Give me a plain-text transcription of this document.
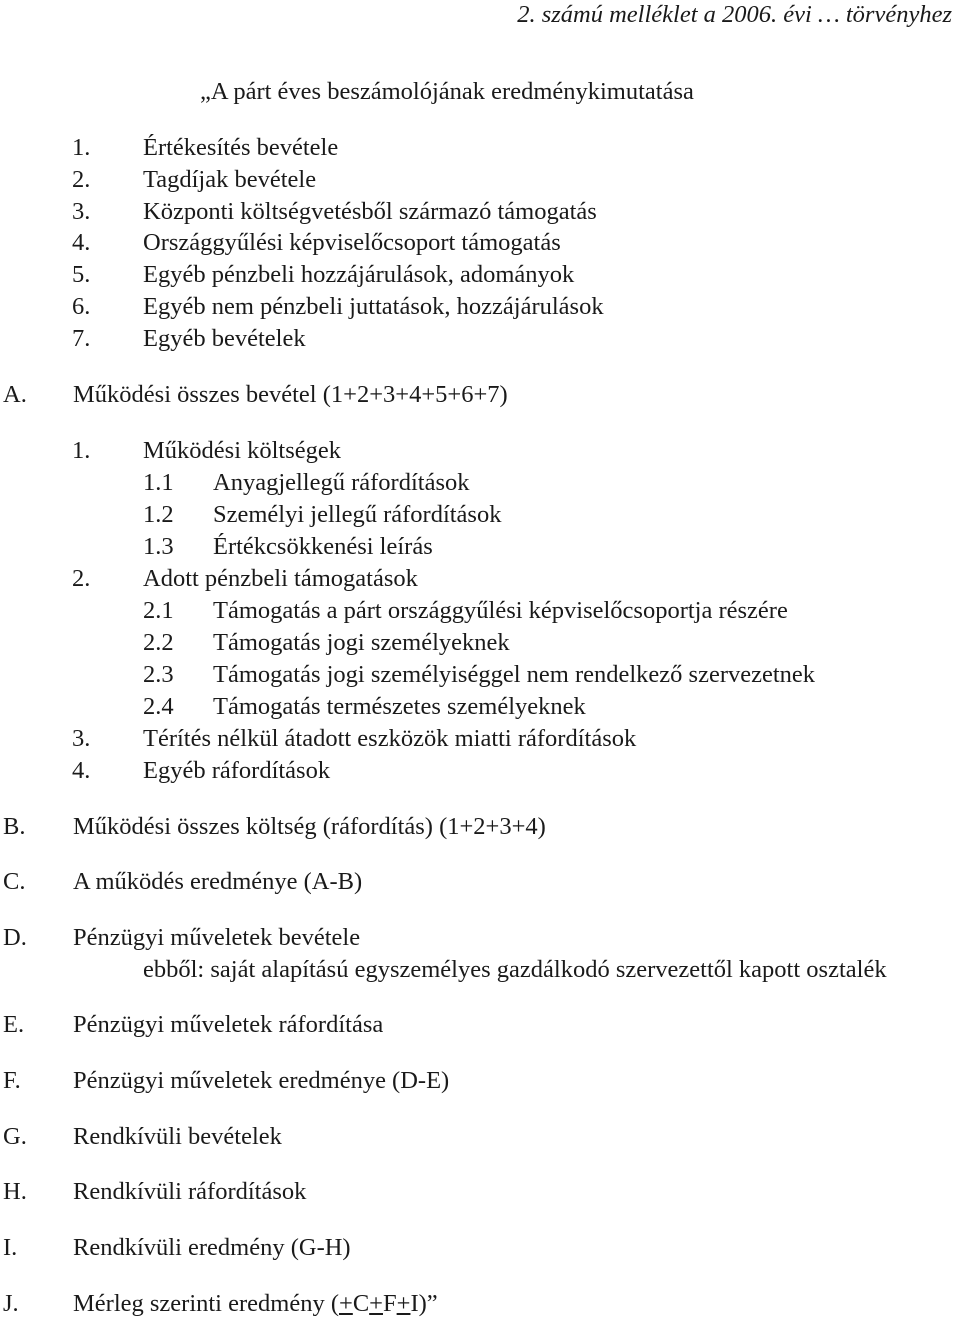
2. számú melléklet a 2006. évi … törvényhez
„A párt éves beszámolójának eredménykimutatása
1. Értékesítés bevétele
2. Tagdíjak bevétele
3. Központi költségvetésből származó támogatás
4. Országgyűlési képviselőcsoport támogatás
5. Egyéb pénzbeli hozzájárulások, adományok
6. Egyéb nem pénzbeli juttatások, hozzájárulások
7. Egyéb bevételek
A. Működési összes bevétel (1+2+3+4+5+6+7)
1. Működési költségek
1.1 Anyagjellegű ráfordítások
1.2 Személyi jellegű ráfordítások
1.3 Értékcsökkenési leírás
2. Adott pénzbeli támogatások
2.1 Támogatás a párt országgyűlési képviselőcsoportja részére
2.2 Támogatás jogi személyeknek
2.3 Támogatás jogi személyiséggel nem rendelkező szervezetnek
2.4 Támogatás természetes személyeknek
3. Térítés nélkül átadott eszközök miatti ráfordítások
4. Egyéb ráfordítások
B. Működési összes költség (ráfordítás) (1+2+3+4)
C. A működés eredménye (A-B)
D. Pénzügyi műveletek bevétele
ebből: saját alapítású egyszemélyes gazdálkodó szervezettől kapott osztalék
E. Pénzügyi műveletek ráfordítása
F. Pénzügyi műveletek eredménye (D-E)
G. Rendkívüli bevételek
H. Rendkívüli ráfordítások
I. Rendkívüli eredmény (G-H)
J. Mérleg szerinti eredmény (+C+F+I)”
